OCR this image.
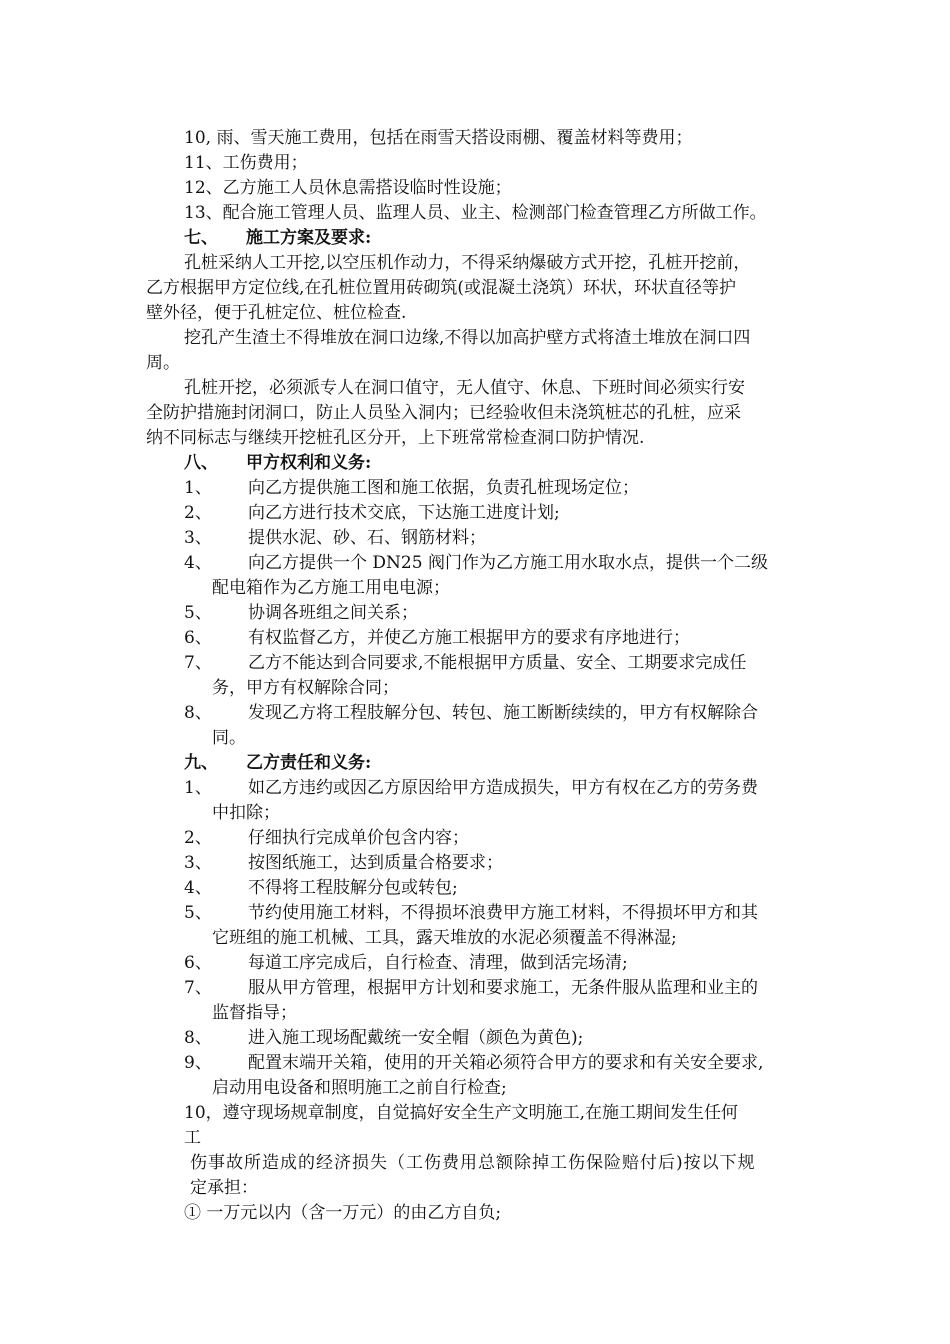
10, 雨、雪天施工费用，包括在雨雪天搭设雨棚、覆盖材料等费用；
11、工伤费用；
12、乙方施工人员休息需搭设临时性设施；
13、配合施工管理人员、监理人员、业主、检测部门检查管理乙方所做工作。
七、 施工方案及要求:
孔桩采纳人工开挖,以空压机作动力，不得采纳爆破方式开挖，孔桩开挖前，
乙方根据甲方定位线,在孔桩位置用砖砌筑(或混凝土浇筑）环状，环状直径等护
壁外径，便于孔桩定位、桩位检查.
挖孔产生渣土不得堆放在洞口边缘,不得以加高护壁方式将渣土堆放在洞口四
周。
孔桩开挖，必须派专人在洞口值守，无人值守、休息、下班时间必须实行安
全防护措施封闭洞口，防止人员坠入洞内；已经验收但未浇筑桩芯的孔桩，应采
纳不同标志与继续开挖桩孔区分开，上下班常常检查洞口防护情况.
八、 甲方权利和义务:
1、 向乙方提供施工图和施工依据，负责孔桩现场定位；
2、 向乙方进行技术交底，下达施工进度计划;
3、 提供水泥、砂、石、钢筋材料；
4、 向乙方提供一个 DN25 阀门作为乙方施工用水取水点，提供一个二级
配电箱作为乙方施工用电电源；
5、 协调各班组之间关系；
6、 有权监督乙方，并使乙方施工根据甲方的要求有序地进行；
7、 乙方不能达到合同要求,不能根据甲方质量、安全、工期要求完成任
务，甲方有权解除合同；
8、 发现乙方将工程肢解分包、转包、施工断断续续的，甲方有权解除合
同。
九、 乙方责任和义务:
1、 如乙方违约或因乙方原因给甲方造成损失，甲方有权在乙方的劳务费
中扣除；
2、 仔细执行完成单价包含内容；
3、 按图纸施工，达到质量合格要求；
4、 不得将工程肢解分包或转包;
5、 节约使用施工材料，不得损坏浪费甲方施工材料，不得损坏甲方和其
它班组的施工机械、工具，露天堆放的水泥必须覆盖不得淋湿;
6、 每道工序完成后，自行检查、清理，做到活完场清;
7、 服从甲方管理，根据甲方计划和要求施工，无条件服从监理和业主的
监督指导；
8、 进入施工现场配戴统一安全帽（颜色为黄色);
9、 配置末端开关箱，使用的开关箱必须符合甲方的要求和有关安全要求,
启动用电设备和照明施工之前自行检查;
10，遵守现场规章制度，自觉搞好安全生产文明施工,在施工期间发生任何
工
伤事故所造成的经济损失（工伤费用总额除掉工伤保险赔付后)按以下规
定承担：
① 一万元以内（含一万元）的由乙方自负;
